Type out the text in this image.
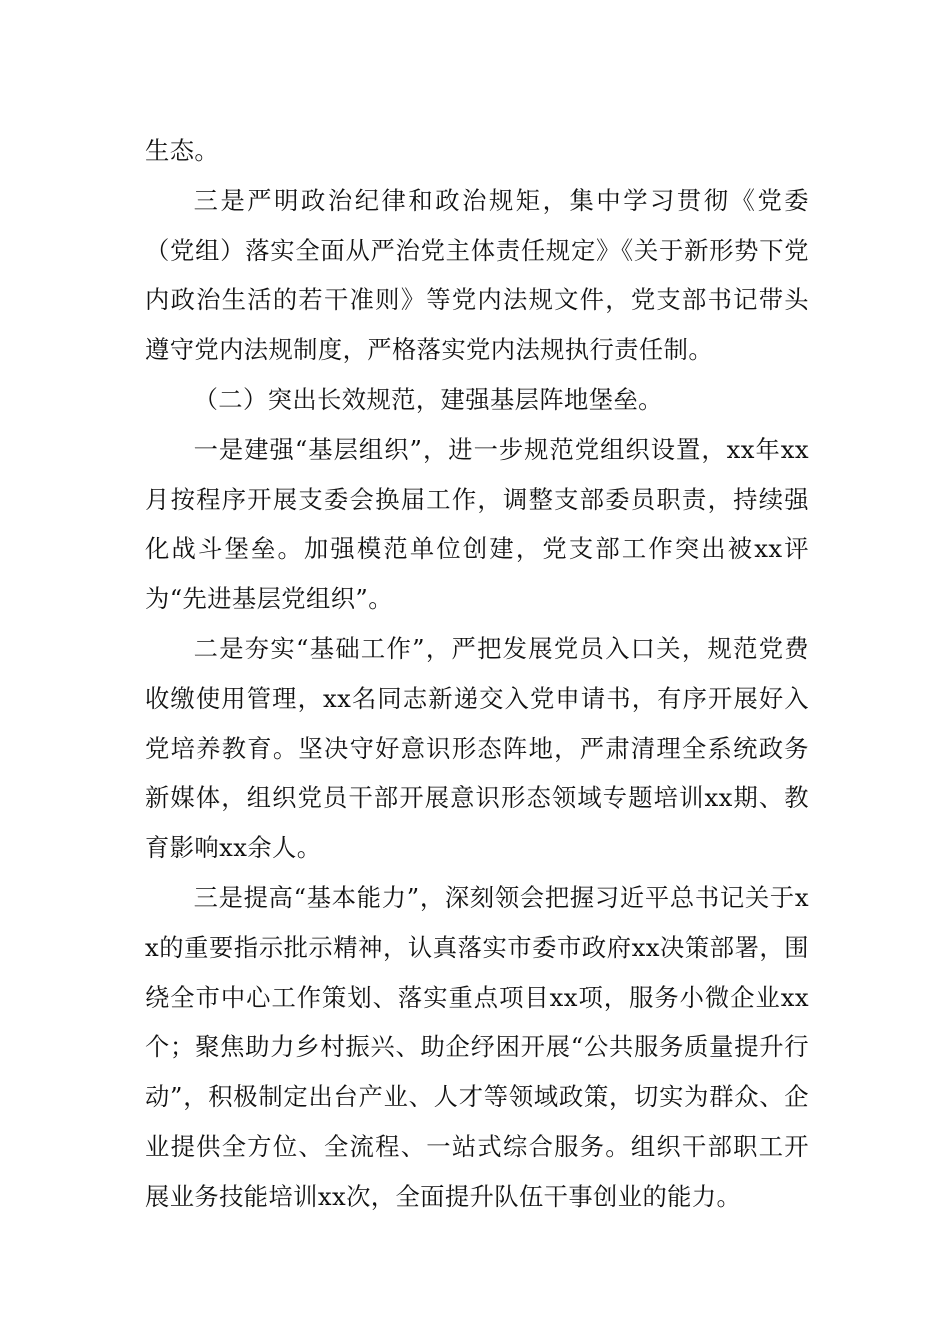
生态。

三是严明政治纪律和政治规矩，集中学习贯彻《党委（党组）落实全面从严治党主体责任规定》《关于新形势下党内政治生活的若干准则》等党内法规文件，党支部书记带头遵守党内法规制度，严格落实党内法规执行责任制。

（二）突出长效规范，建强基层阵地堡垒。

一是建强“基层组织”，进一步规范党组织设置，xx年xx月按程序开展支委会换届工作，调整支部委员职责，持续强化战斗堡垒。加强模范单位创建，党支部工作突出被xx评为“先进基层党组织”。

二是夯实“基础工作”，严把发展党员入口关，规范党费收缴使用管理，xx名同志新递交入党申请书，有序开展好入党培养教育。坚决守好意识形态阵地，严肃清理全系统政务新媒体，组织党员干部开展意识形态领域专题培训xx期、教育影响xx余人。

三是提高“基本能力”，深刻领会把握习近平总书记关于xx的重要指示批示精神，认真落实市委市政府xx决策部署，围绕全市中心工作策划、落实重点项目xx项，服务小微企业xx个；聚焦助力乡村振兴、助企纾困开展“公共服务质量提升行动”，积极制定出台产业、人才等领域政策，切实为群众、企业提供全方位、全流程、一站式综合服务。组织干部职工开展业务技能培训xx次，全面提升队伍干事创业的能力。
